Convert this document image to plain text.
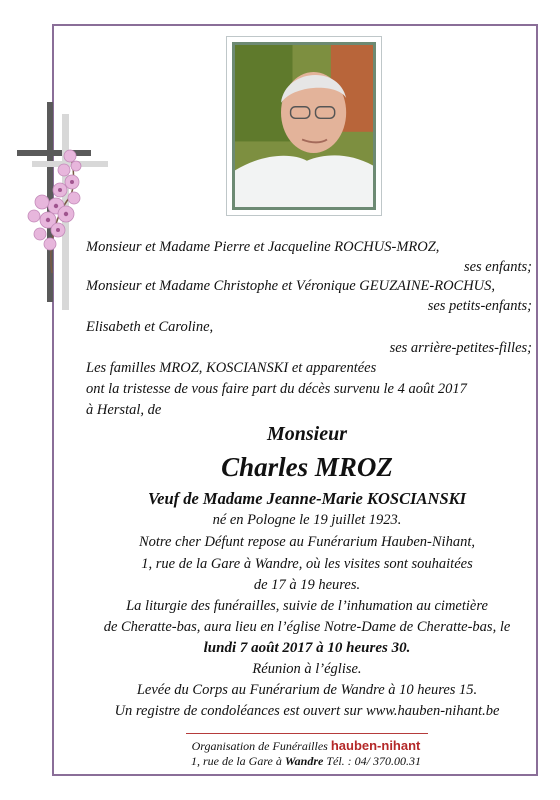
Monsieur et Madame Pierre et Jacqueline ROCHUS-MROZ,
ses enfants;
Monsieur et Madame Christophe et Véronique GEUZAINE-ROCHUS,
ses petits-enfants;
Elisabeth et Caroline,
ses arrière-petites-filles;
Les familles MROZ, KOSCIANSKI et apparentées
ont la tristesse de vous faire part du décès survenu le 4 août 2017
à Herstal, de
Monsieur
Charles MROZ
Veuf de Madame Jeanne-Marie KOSCIANSKI
né en Pologne le 19 juillet 1923.
Notre cher Défunt repose au Funérarium Hauben-Nihant,
1, rue de la Gare à Wandre, où les visites sont souhaitées
de 17 à 19 heures.
La liturgie des funérailles, suivie de l’inhumation au cimetière
de Cheratte-bas, aura lieu en l’église Notre-Dame de Cheratte-bas, le
lundi 7 août 2017 à 10 heures 30.
Réunion à l’église.
Levée du Corps au Funérarium de Wandre à 10 heures 15.
Un registre de condoléances est ouvert sur www.hauben-nihant.be
Organisation de Funérailles hauben-nihant
1, rue de la Gare à Wandre Tél. : 04/ 370.00.31
